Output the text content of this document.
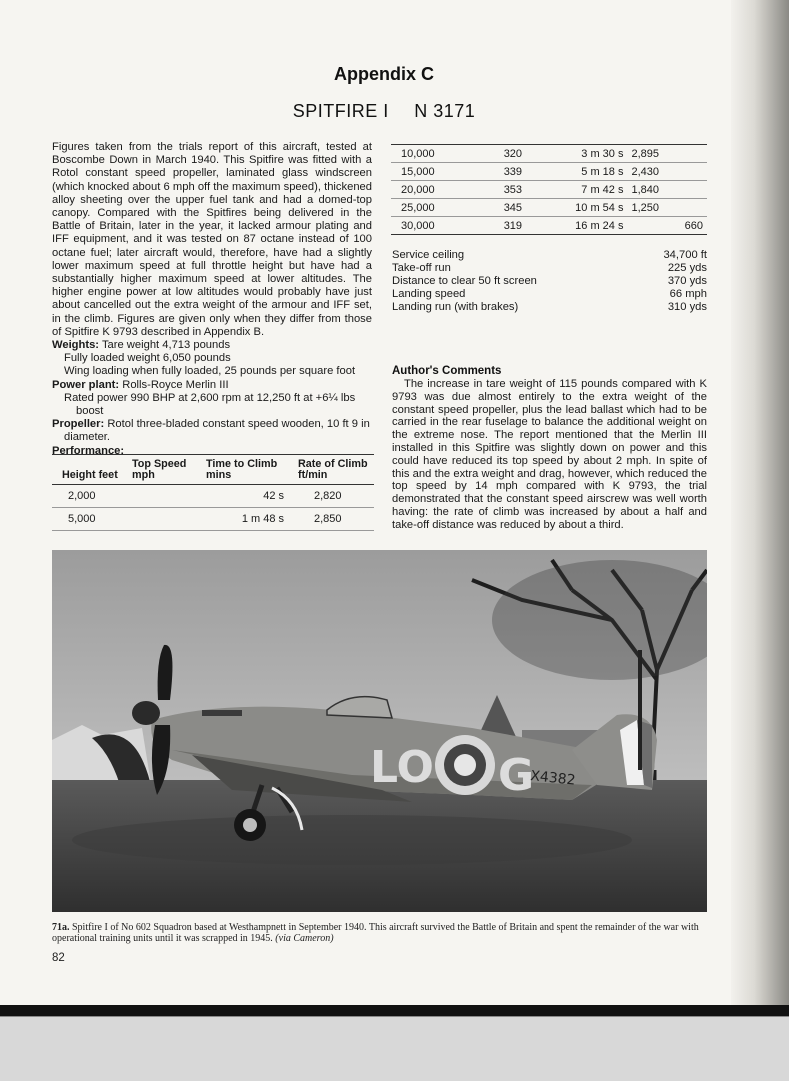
Appendix C
SPITFIRE I N 3171

Figures taken from the trials report of this aircraft, tested at Boscombe Down in March 1940. This Spitfire was fitted with a Rotol constant speed propeller, laminated glass windscreen (which knocked about 6 mph off the maximum speed), thickened alloy sheeting over the upper fuel tank and had a domed-top canopy. Compared with the Spitfires being delivered in the Battle of Britain, later in the year, it lacked armour plating and IFF equipment, and it was tested on 87 octane instead of 100 octane fuel; later aircraft would, therefore, have had a slightly lower maximum speed at full throttle height but have had a substantially higher maximum speed at lower altitudes. The higher engine power at low altitudes would probably have just about cancelled out the extra weight of the armour and IFF set, in the climb. Figures are given only when they differ from those of Spitfire K 9793 described in Appendix B.

Weights: Tare weight 4,713 pounds

Fully loaded weight 6,050 pounds

Wing loading when fully loaded, 25 pounds per square foot

Power plant: Rolls-Royce Merlin III

Rated power 990 BHP at 2,600 rpm at 12,250 ft at +6¼ lbs boost

Propeller: Rotol three-bladed constant speed wooden, 10 ft 9 in diameter.

Performance:

Height feet	Top Speed mph	Time to Climb mins	Rate of Climb ft/min
2,000		42 s	2,820
5,000		1 m 48 s	2,850
10,000	320	3 m 30 s	2,895
15,000	339	5 m 18 s	2,430
20,000	353	7 m 42 s	1,840
25,000	345	10 m 54 s	1,250
30,000	319	16 m 24 s	660
Service ceiling	34,700 ft
Take-off run	225 yds
Distance to clear 50 ft screen	370 yds
Landing speed	66 mph
Landing run (with brakes)	310 yds
Author's Comments

The increase in tare weight of 115 pounds compared with K 9793 was due almost entirely to the extra weight of the constant speed propeller, plus the lead ballast which had to be carried in the rear fuselage to balance the additional weight on the extreme nose. The report mentioned that the Merlin III installed in this Spitfire was slightly down on power and this could have reduced its top speed by about 2 mph. In spite of this and the extra weight and drag, however, which reduced the top speed by 14 mph compared with K 9793, the trial demonstrated that the constant speed airscrew was well worth having: the rate of climb was increased by about a half and take-off distance was reduced by about a third.

LO G
X4382

71a. Spitfire I of No 602 Squadron based at Westhampnett in September 1940. This aircraft survived the Battle of Britain and spent the remainder of the war with operational training units until it was scrapped in 1945. (via Cameron)

82
